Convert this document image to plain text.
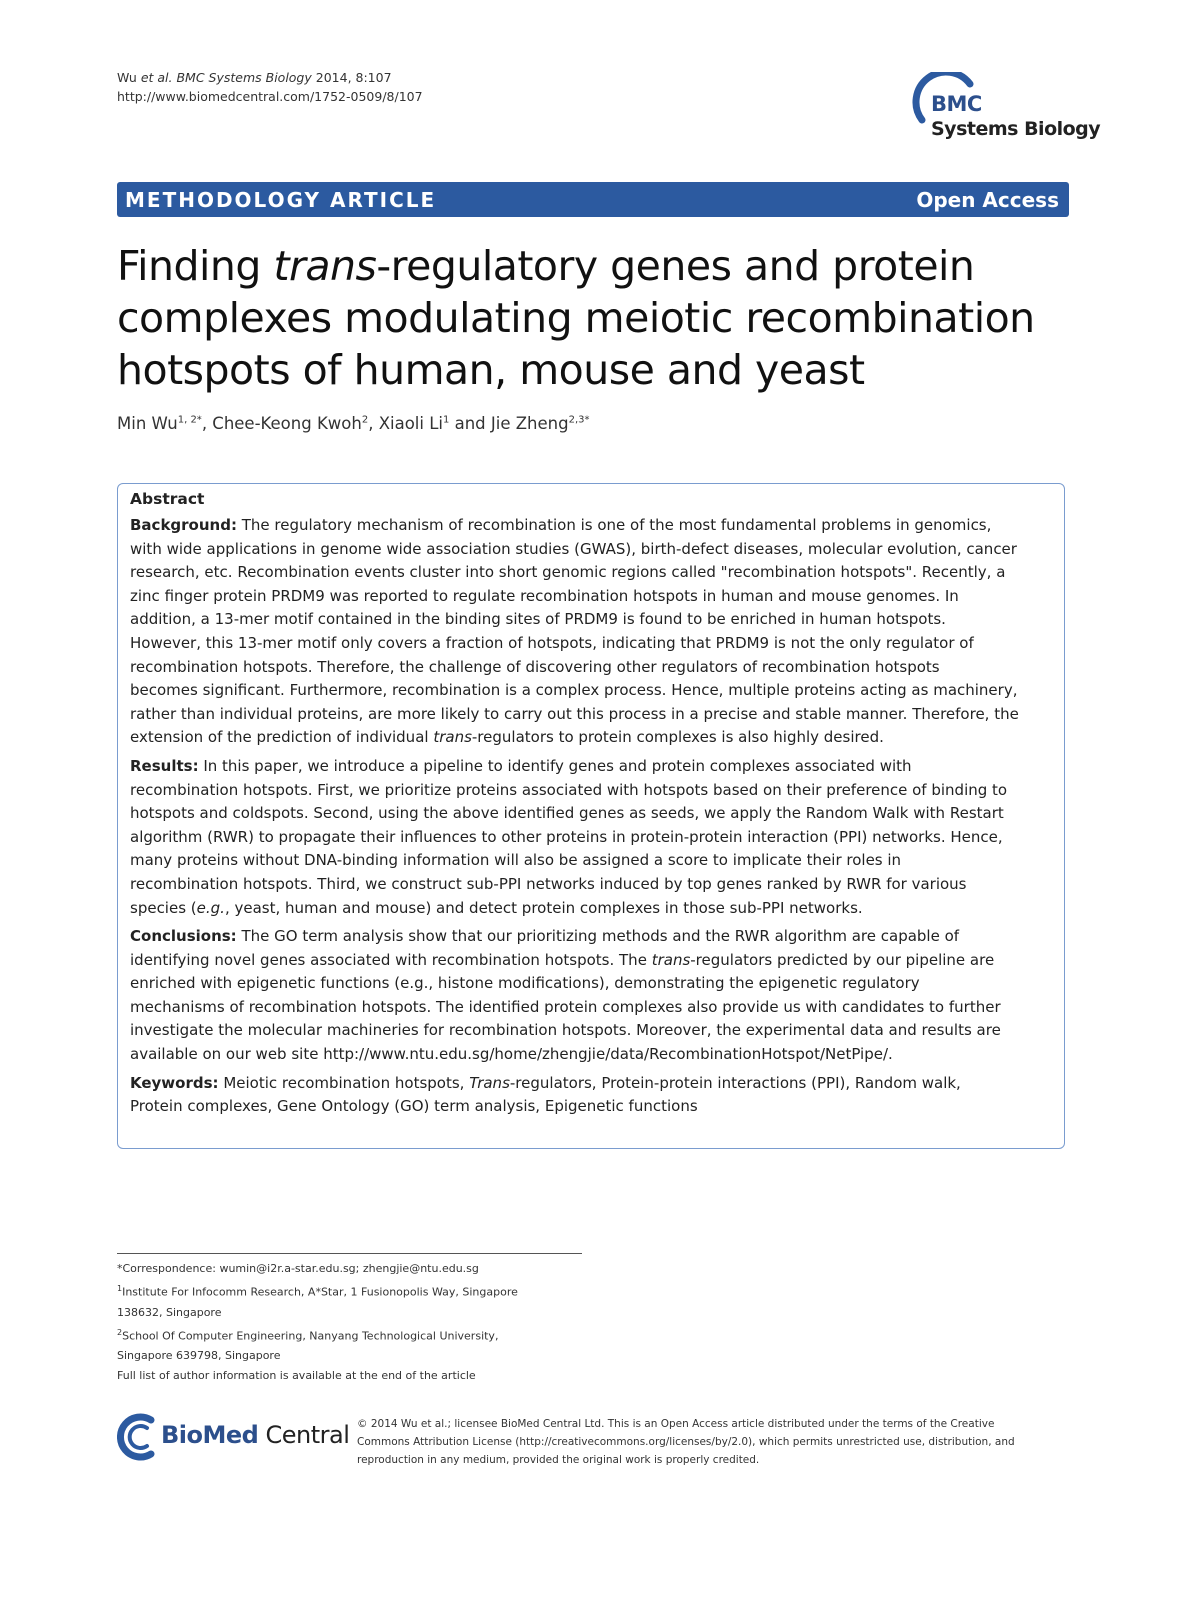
Wu et al. BMC Systems Biology 2014, 8:107
http://www.biomedcentral.com/1752-0509/8/107	BMC
Systems Biology
METHODOLOGY ARTICLE	Open Access
Finding trans-regulatory genes and protein
complexes modulating meiotic recombination
hotspots of human, mouse and yeast
Min $Wu^{1, 2*}$, Chee-Keong Kwoh$^2$, Xiaoli Li$^1$ and Jie Zheng$^{2,3*}$
Abstract
Background: The regulatory mechanism of recombination is one of the most fundamental problems in genomics,
with wide applications in genome wide association studies (GWAS), birth-defect diseases, molecular evolution, cancer
research, etc. Recombination events cluster into short genomic regions called "recombination hotspots". Recently, a
zinc finger protein PRDM9 was reported to regulate recombination hotspots in human and mouse genomes. In
addition, a 13-mer motif contained in the binding sites of PRDM9 is found to be enriched in human hotspots.
However, this 13-mer motif only covers a fraction of hotspots, indicating that PRDM9 is not the only regulator of
recombination hotspots. Therefore, the challenge of discovering other regulators of recombination hotspots
becomes significant. Furthermore, recombination is a complex process. Hence, multiple proteins acting as machinery,
rather than individual proteins, are more likely to carry out this process in a precise and stable manner. Therefore, the
extension of the prediction of individual trans-regulators to protein complexes is also highly desired.
Results: In this paper, we introduce a pipeline to identify genes and protein complexes associated with
recombination hotspots. First, we prioritize proteins associated with hotspots based on their preference of binding to
hotspots and coldspots. Second, using the above identified genes as seeds, we apply the Random Walk with Restart
algorithm (RWR) to propagate their influences to other proteins in protein-protein interaction (PPI) networks. Hence,
many proteins without DNA-binding information will also be assigned a score to implicate their roles in
recombination hotspots. Third, we construct sub-PPI networks induced by top genes ranked by RWR for various
species (e.g., yeast, human and mouse) and detect protein complexes in those sub-PPI networks.
Conclusions: The GO term analysis show that our prioritizing methods and the RWR algorithm are capable of
identifying novel genes associated with recombination hotspots. The trans-regulators predicted by our pipeline are
enriched with epigenetic functions (e.g., histone modifications), demonstrating the epigenetic regulatory
mechanisms of recombination hotspots. The identified protein complexes also provide us with candidates to further
investigate the molecular machineries for recombination hotspots. Moreover, the experimental data and results are
available on our web site http://www.ntu.edu.sg/home/zhengjie/data/RecombinationHotspot/NetPipe/.
Keywords: Meiotic recombination hotspots, Trans-regulators, Protein-protein interactions (PPI), Random walk,
Protein complexes, Gene Ontology (GO) term analysis, Epigenetic functions
*Correspondence: wumin@i2r.a-star.edu.sg; zhengjie@ntu.edu.sg
$^1$Institute For Infocomm Research, A*Star, 1 Fusionopolis Way, Singapore
138632, Singapore
$^2$School Of Computer Engineering, Nanyang Technological University,
Singapore 639798, Singapore
Full list of author information is available at the end of the article
BioMed Central © 2014 Wu et al.; licensee BioMed Central Ltd. This is an Open Access article distributed under the terms of the Creative
Commons Attribution License (http://creativecommons.org/licenses/by/2.0), which permits unrestricted use, distribution, and
reproduction in any medium, provided the original work is properly credited.
